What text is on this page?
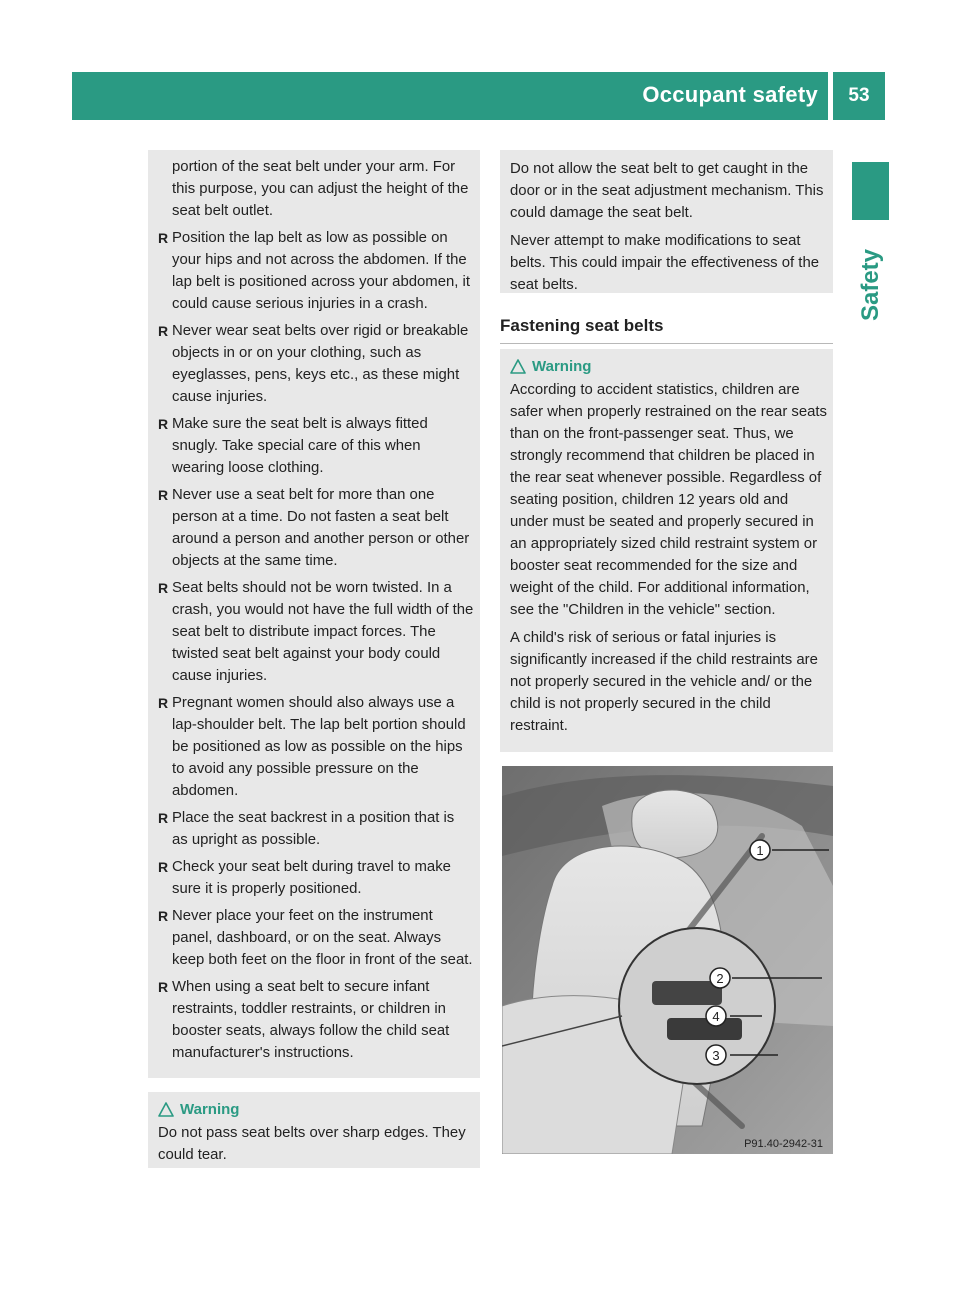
Occupant safety	53
Safety

portion of the seat belt under your arm. For this purpose, you can adjust the height of the seat belt outlet.

R Position the lap belt as low as possible on your hips and not across the abdomen. If the lap belt is positioned across your abdomen, it could cause serious injuries in a crash.
R Never wear seat belts over rigid or breakable objects in or on your clothing, such as eyeglasses, pens, keys etc., as these might cause injuries.
R Make sure the seat belt is always fitted snugly. Take special care of this when wearing loose clothing.
R Never use a seat belt for more than one person at a time. Do not fasten a seat belt around a person and another person or other objects at the same time.
R Seat belts should not be worn twisted. In a crash, you would not have the full width of the seat belt to distribute impact forces. The twisted seat belt against your body could cause injuries.
R Pregnant women should also always use a lap-shoulder belt. The lap belt portion should be positioned as low as possible on the hips to avoid any possible pressure on the abdomen.
R Place the seat backrest in a position that is as upright as possible.
R Check your seat belt during travel to make sure it is properly positioned.
R Never place your feet on the instrument panel, dashboard, or on the seat. Always keep both feet on the floor in front of the seat.
R When using a seat belt to secure infant restraints, toddler restraints, or children in booster seats, always follow the child seat manufacturer's instructions.
Warning

Do not pass seat belts over sharp edges. They could tear.

Do not allow the seat belt to get caught in the door or in the seat adjustment mechanism. This could damage the seat belt.

Never attempt to make modifications to seat belts. This could impair the effectiveness of the seat belts.

Fastening seat belts
Warning

According to accident statistics, children are safer when properly restrained on the rear seats than on the front-passenger seat. Thus, we strongly recommend that children be placed in the rear seat whenever possible. Regardless of seating position, children 12 years old and under must be seated and properly secured in an appropriately sized child restraint system or booster seat recommended for the size and weight of the child. For additional information, see the "Children in the vehicle" section.

A child's risk of serious or fatal injuries is significantly increased if the child restraints are not properly secured in the vehicle and/ or the child is not properly secured in the child restraint.

1
2
4
3
P91.40-2942-31
